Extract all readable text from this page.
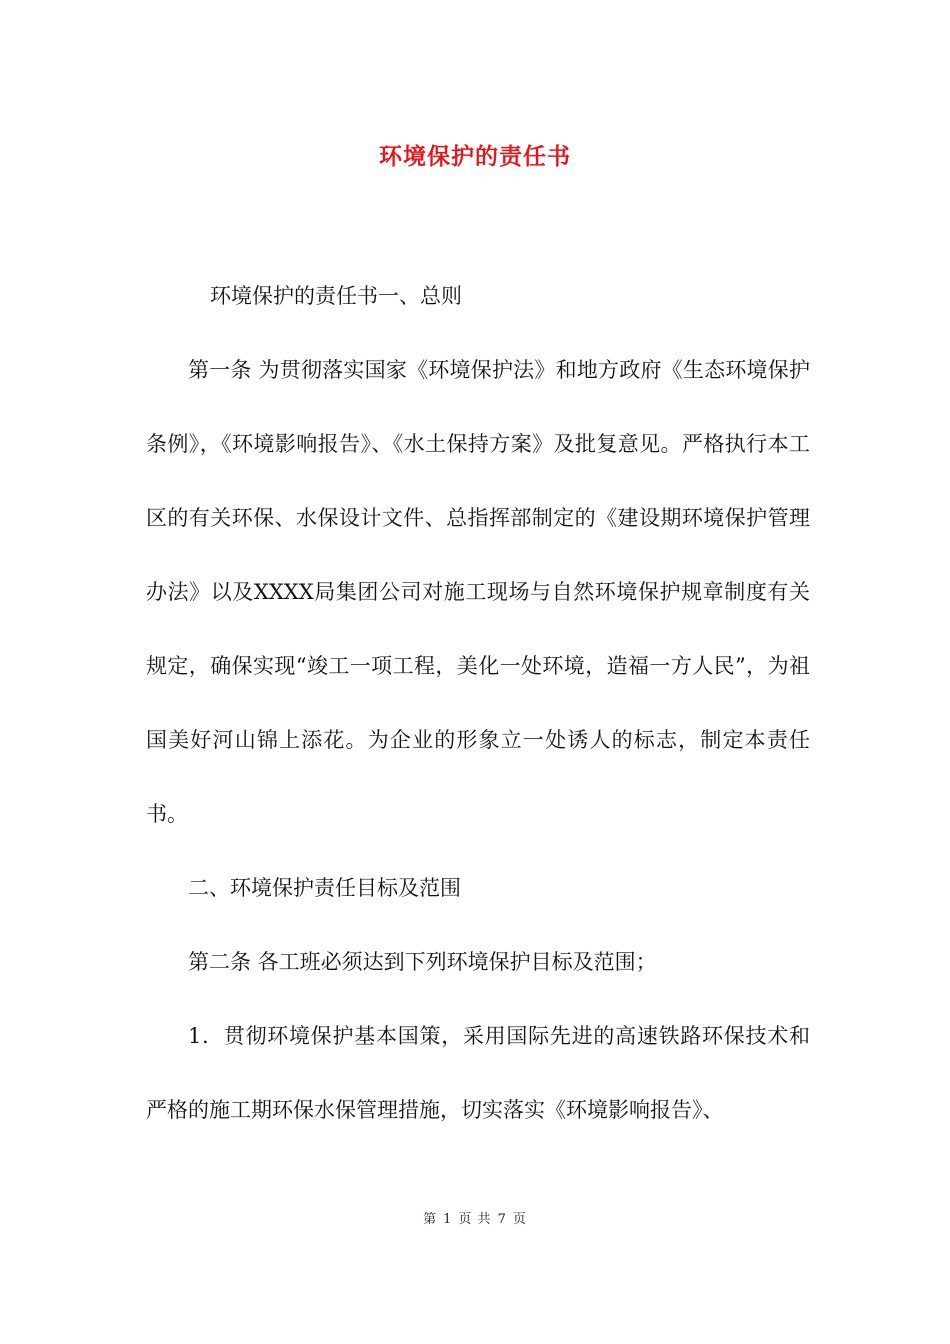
环境保护的责任书

环境保护的责任书一、总则

第一条 为贯彻落实国家《环境保护法》和地方政府《生态环境保护条例》，《环境影响报告》、《水土保持方案》及批复意见。严格执行本工区的有关环保、水保设计文件、总指挥部制定的《建设期环境保护管理办法》以及XXXX局集团公司对施工现场与自然环境保护规章制度有关规定，确保实现“竣工一项工程，美化一处环境，造福一方人民”，为祖国美好河山锦上添花。为企业的形象立一处诱人的标志，制定本责任书。

二、环境保护责任目标及范围

第二条 各工班必须达到下列环境保护目标及范围；

1．贯彻环境保护基本国策，采用国际先进的高速铁路环保技术和严格的施工期环保水保管理措施，切实落实《环境影响报告》、

第 1 页 共 7 页
